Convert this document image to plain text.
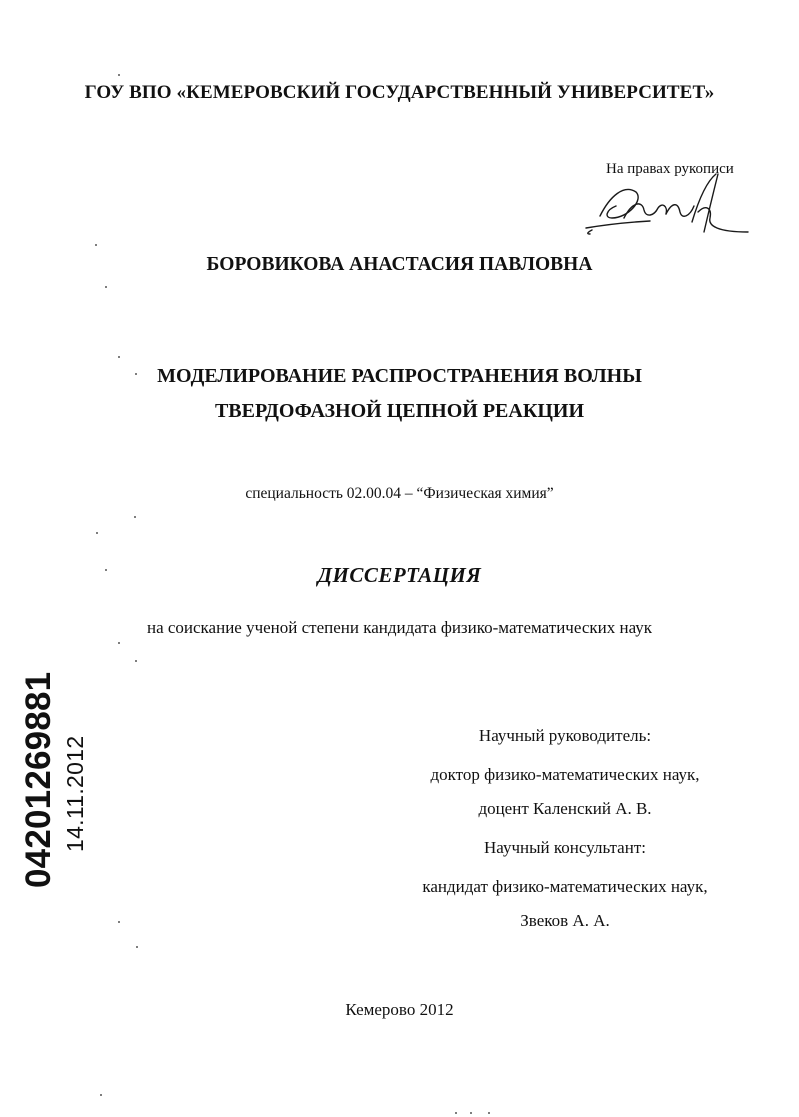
ГОУ ВПО «КЕМЕРОВСКИЙ ГОСУДАРСТВЕННЫЙ УНИВЕРСИТЕТ»
На правах рукописи
БОРОВИКОВА АНАСТАСИЯ ПАВЛОВНА
МОДЕЛИРОВАНИЕ РАСПРОСТРАНЕНИЯ ВОЛНЫ
ТВЕРДОФАЗНОЙ ЦЕПНОЙ РЕАКЦИИ
специальность 02.00.04 – “Физическая химия”
ДИССЕРТАЦИЯ
на соискание ученой степени кандидата физико-математических наук
Научный руководитель:
доктор физико-математических наук,
доцент Каленский А. В.
Научный консультант:
кандидат физико-математических наук,
Звеков А. А.
Кемерово 2012
04201269881 14.11.2012
